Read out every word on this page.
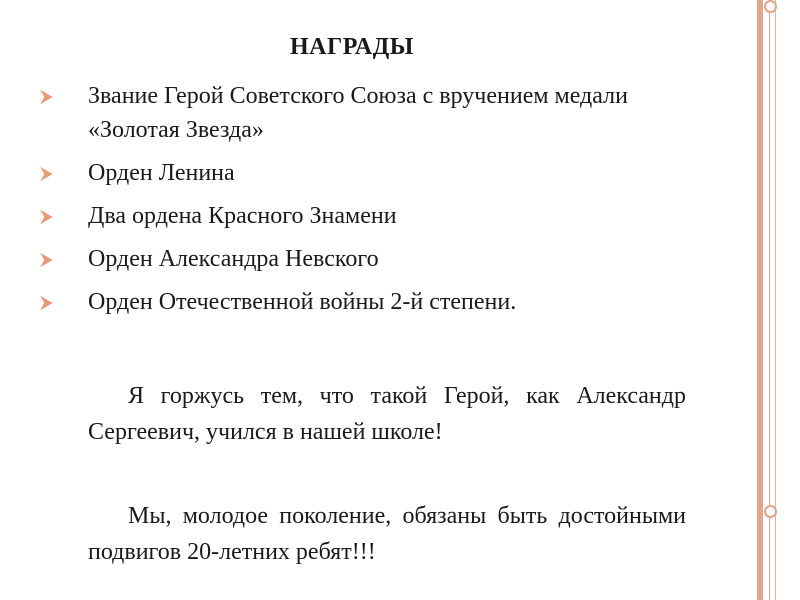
НАГРАДЫ
⮞ Звание Герой Советского Союза с вручением медали «Золотая Звезда»
⮞ Орден Ленина
⮞ Два ордена Красного Знамени
⮞ Орден Александра Невского
⮞ Орден Отечественной войны 2-й степени.

Я горжусь тем, что такой Герой, как Александр Сергеевич, учился в нашей школе!

Мы, молодое поколение, обязаны быть достойными подвигов 20-летних ребят!!!
